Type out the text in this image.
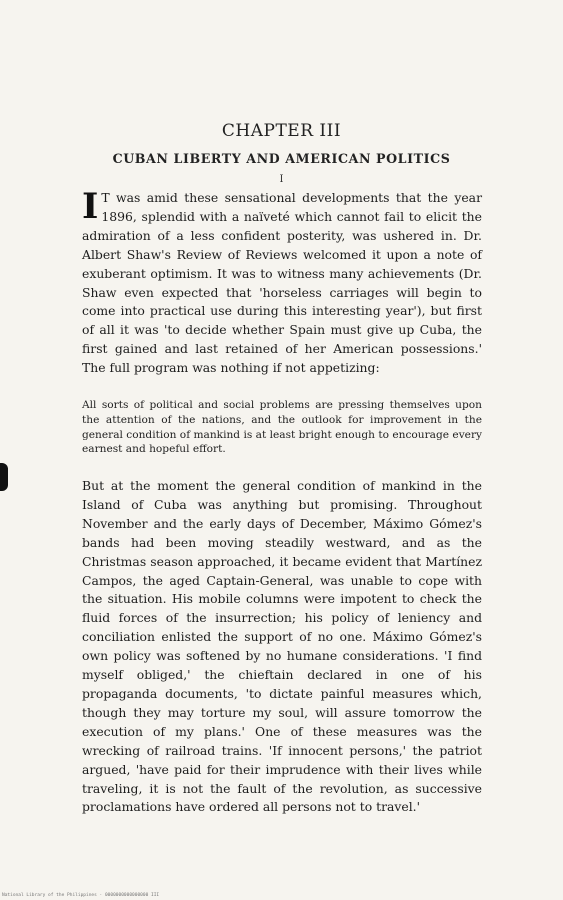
CHAPTER III
CUBAN LIBERTY AND AMERICAN POLITICS
I

I T was amid these sensational developments that the year 1896, splendid with a naïveté which cannot fail to elicit the admiration of a less confident posterity, was ushered in. Dr. Albert Shaw's Review of Reviews welcomed it upon a note of exuberant optimism. It was to witness many achievements (Dr. Shaw even expected that 'horseless carriages will begin to come into practical use during this interesting year'), but first of all it was 'to decide whether Spain must give up Cuba, the first gained and last retained of her American possessions.' The full program was nothing if not appetizing:

All sorts of political and social problems are pressing themselves upon the attention of the nations, and the outlook for improvement in the general condition of mankind is at least bright enough to encourage every earnest and hopeful effort.

But at the moment the general condition of mankind in the Island of Cuba was anything but promising. Throughout November and the early days of December, Máximo Gómez's bands had been moving steadily westward, and as the Christmas season approached, it became evident that Martínez Campos, the aged Captain-General, was unable to cope with the situation. His mobile columns were impotent to check the fluid forces of the insurrection; his policy of leniency and conciliation enlisted the support of no one. Máximo Gómez's own policy was softened by no humane considerations. 'I find myself obliged,' the chieftain declared in one of his propaganda documents, 'to dictate painful measures which, though they may torture my soul, will assure tomorrow the execution of my plans.' One of these measures was the wrecking of railroad trains. 'If innocent persons,' the patriot argued, 'have paid for their imprudence with their lives while traveling, it is not the fault of the revolution, as successive proclamations have ordered all persons not to travel.'

National Library of the Philippines · 0000000000000000 III
